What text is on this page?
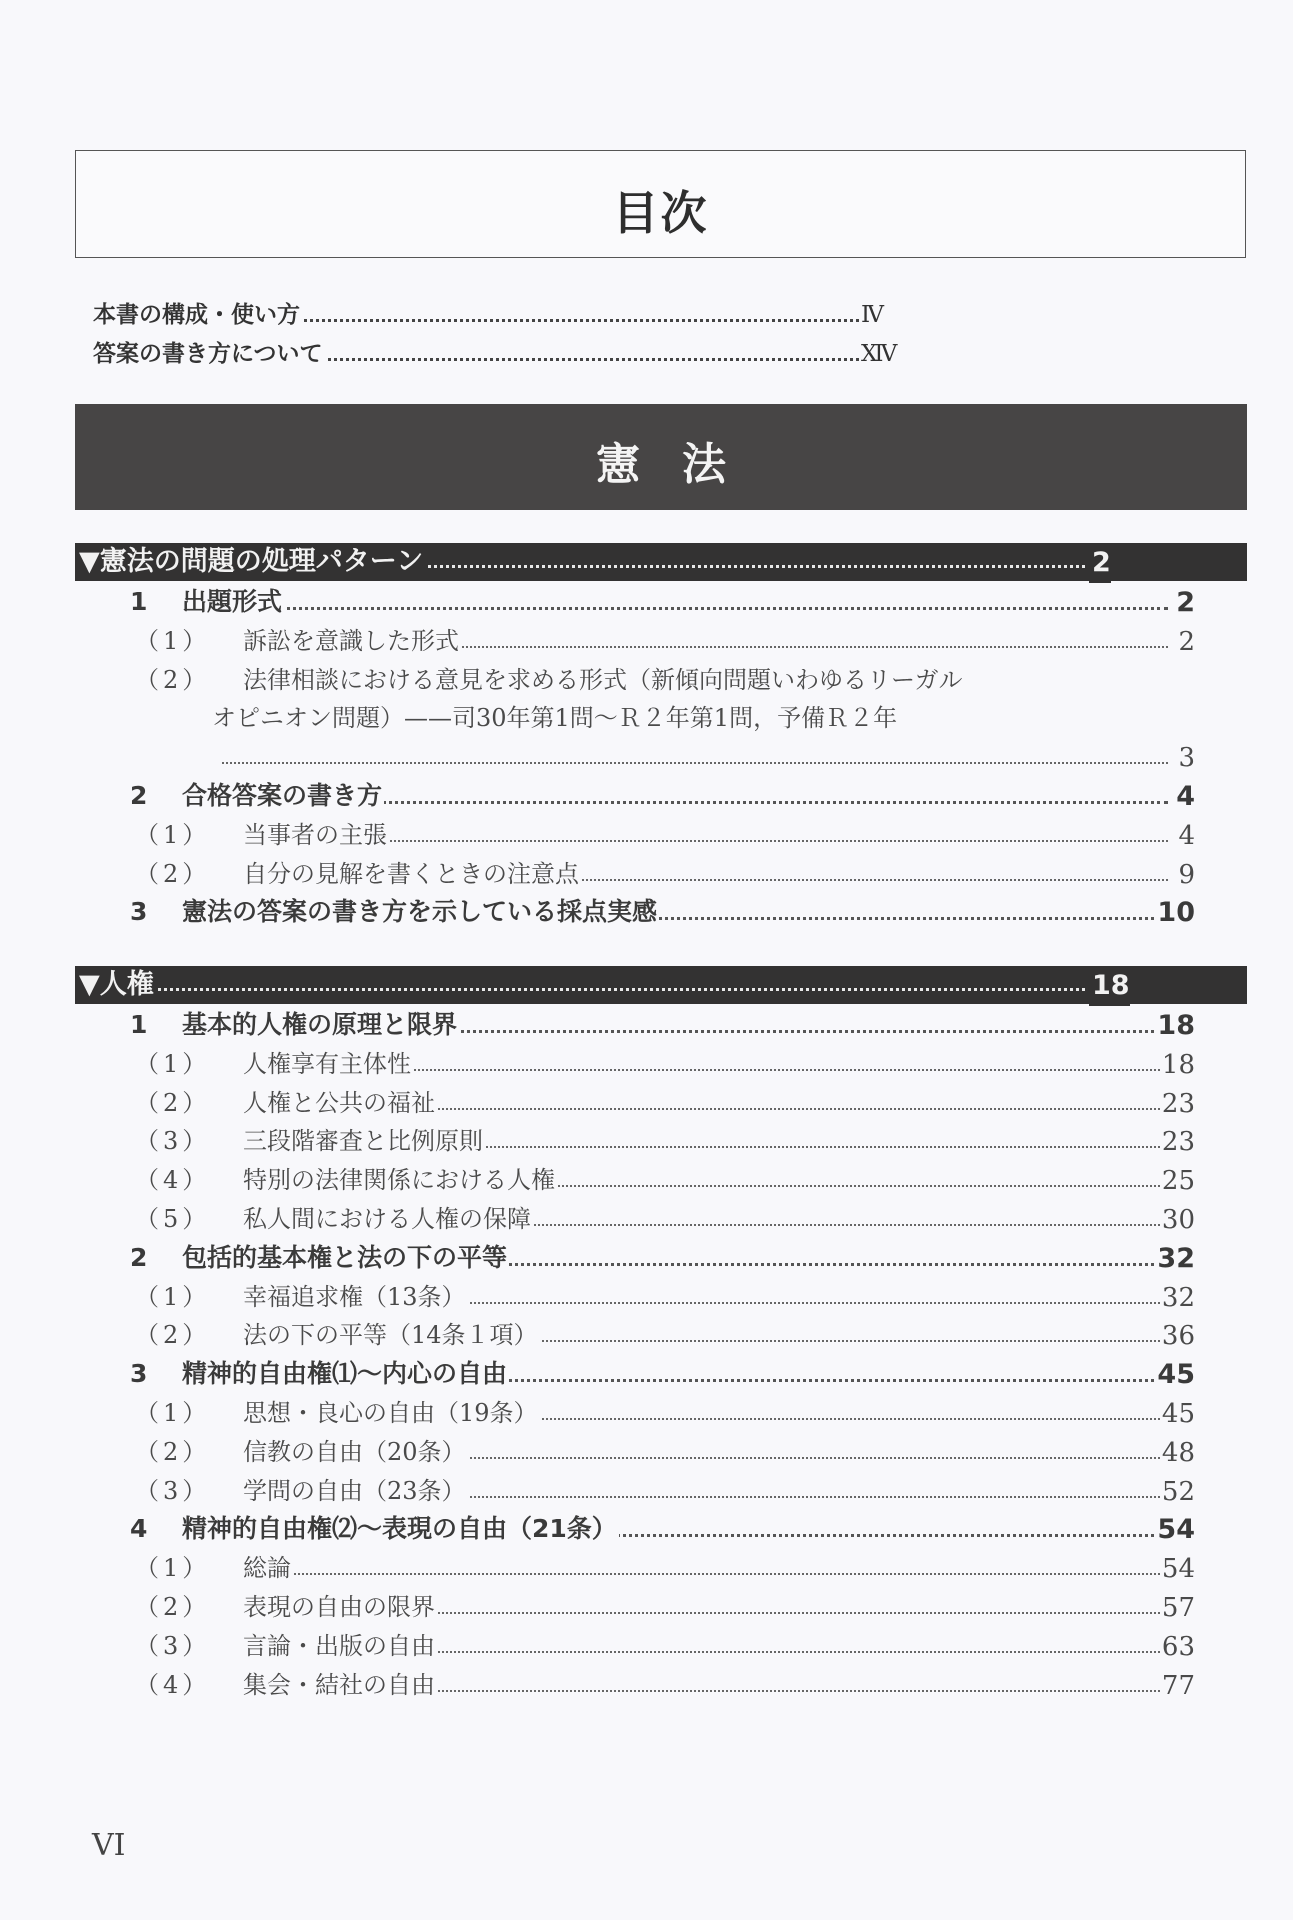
目次
本書の構成・使い方	Ⅳ
答案の書き方について	ⅩⅣ
憲法
▼憲法の問題の処理パターン	2
1 出題形式	2
（1） 訴訟を意識した形式	2
（2） 法律相談における意見を求める形式（新傾向問題いわゆるリーガル
オピニオン問題）——司30年第1問～Ｒ２年第1問，予備Ｒ２年
3
2 合格答案の書き方	4
（1） 当事者の主張	4
（2） 自分の見解を書くときの注意点	9
3 憲法の答案の書き方を示している採点実感	10
▼人権	18
1 基本的人権の原理と限界	18
（1） 人権享有主体性	18
（2） 人権と公共の福祉	23
（3） 三段階審査と比例原則	23
（4） 特別の法律関係における人権	25
（5） 私人間における人権の保障	30
2 包括的基本権と法の下の平等	32
（1） 幸福追求権（13条）	32
（2） 法の下の平等（14条１項）	36
3 精神的自由権⑴～内心の自由	45
（1） 思想・良心の自由（19条）	45
（2） 信教の自由（20条）	48
（3） 学問の自由（23条）	52
4 精神的自由権⑵～表現の自由（21条）	54
（1） 総論	54
（2） 表現の自由の限界	57
（3） 言論・出版の自由	63
（4） 集会・結社の自由	77
VI
